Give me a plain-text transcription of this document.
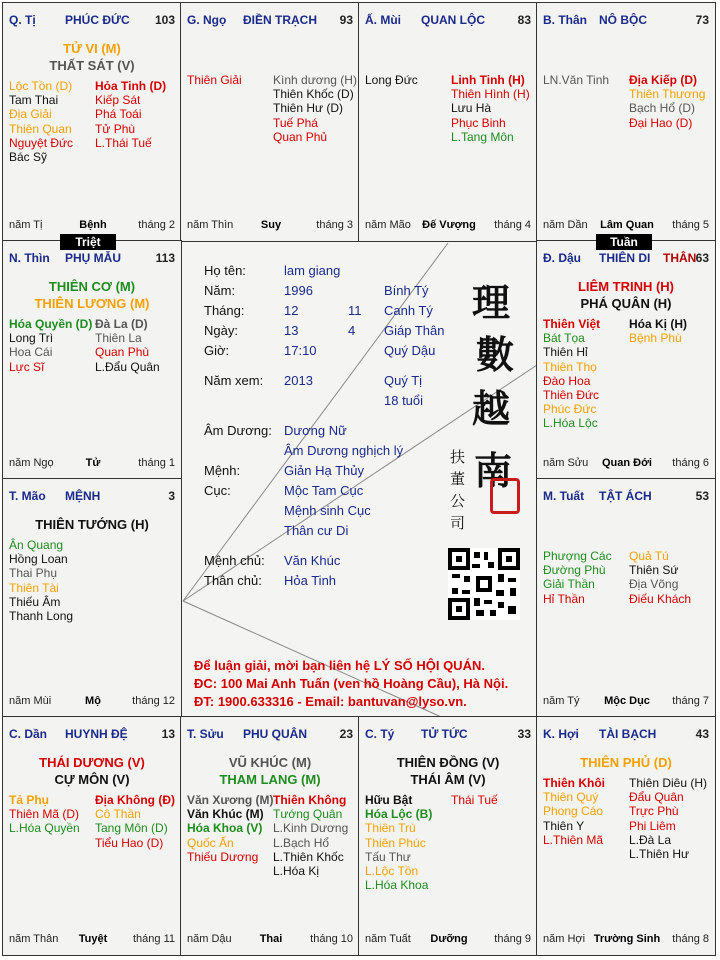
Q. Tị PHÚC ĐỨC 103
TỬ VI (M)
THẤT SÁT (V)
Lộc Tồn (D)
Tam Thai
Địa Giải
Thiên Quan
Nguyệt Đức
Bác Sỹ
Hỏa Tinh (D)
Kiếp Sát
Phá Toái
Tử Phù
L.Thái Tuế
năm Tị	Bệnh	tháng 2
G. Ngọ ĐIỀN TRẠCH 93
Thiên Giải	Kình dương (H)
Thiên Khốc (D)
Thiên Hư (D)
Tuế Phá
Quan Phủ
năm Thìn	Suy	tháng 3
Ấ. Mùi QUAN LỘC	83
Long Đức	Linh Tinh (H)
Thiên Hình (H)
Lưu Hà
Phục Binh
L.Tang Môn
năm Mão	Đế Vượng	tháng 4
B. Thân NÔ BỘC	73
LN.Văn Tinh Địa Kiếp (D)
Thiên Thương
Bạch Hổ (D)
Đại Hao (D)
năm Dần	Lâm Quan	tháng 5
N. Thìn PHỤ MẪU	113
THIÊN CƠ (M)
THIÊN LƯƠNG (M)
Hóa Quyền (D)
Long Trì
Hoa Cái
Lực Sĩ
Đà La (D)
Thiên La
Quan Phù
L.Đẩu Quân
năm Ngọ	Tử	tháng 1
Đ. Dậu THIÊN DI	63
LIÊM TRINH (H)
PHÁ QUÂN (H)
Thiên Việt
Bát Tọa
Thiên Hỉ
Thiên Thọ
Đào Hoa
Thiên Đức
Phúc Đức
L.Hóa Lộc
Hóa Kị (H)
Bệnh Phù
năm Sửu	Quan Đới	tháng 6
THÂN
T. Mão MỆNH	3
THIÊN TƯỚNG (H)
Ân Quang
Hồng Loan
Thai Phụ
Thiên Tài
Thiếu Âm
Thanh Long
năm Mùi	Mộ	tháng 12
M. Tuất TẬT ÁCH	53
Phượng Các
Đường Phù
Giải Thần
Hỉ Thần
Quả Tú
Thiên Sứ
Địa Võng
Điếu Khách
năm Tý	Mộc Dục	tháng 7
C. Dần HUYNH ĐỆ	13
THÁI DƯƠNG (V)
CỰ MÔN (V)
Tả Phụ
Thiên Mã (D)
L.Hóa Quyền
Địa Không (Đ)
Cô Thần
Tang Môn (D)
Tiểu Hao (D)
năm Thân	Tuyệt	tháng 11
T. Sửu PHU QUÂN	23
VŨ KHÚC (M)
THAM LANG (M)
Văn Xương (M)
Văn Khúc (M)
Hóa Khoa (V)
Quốc Ấn
Thiếu Dương
Thiên Không
Tướng Quân
L.Kinh Dương
L.Bạch Hổ
L.Thiên Khốc
L.Hóa Kị
năm Dậu	Thai	tháng 10
C. Tý TỬ TỨC	33
THIÊN ĐỒNG (V)
THÁI ÂM (V)
Hữu Bật
Hóa Lộc (B)
Thiên Trù
Thiên Phúc
Tấu Thư
L.Lộc Tồn
L.Hóa Khoa
Thái Tuế
năm Tuất	Dưỡng	tháng 9
K. Hợi TÀI BẠCH	43
THIÊN PHỦ (D)
Thiên Khôi
Thiên Quý
Phong Cáo
Thiên Y
L.Thiên Mã
Thiên Diêu (H)
Đẩu Quân
Trực Phù
Phi Liêm
L.Đà La
L.Thiên Hư
năm Hợi Trường Sinh	tháng 8
Triệt	Tuần
Họ tên:	lam giang
Năm:	1996	Bính Tý
Tháng:	12	11 Canh Tý
Ngày:	13	4 Giáp Thân
Giờ:	17:10	Quý Dậu
Năm xem: 2013	Quý Tị
18 tuổi
Âm Dương: Dương Nữ
Âm Dương nghịch lý
Mệnh:	Giản Hạ Thủy
Cục:	Mộc Tam Cục
Mệnh sinh Cục
Thân cư Di
Mệnh chủ: Văn Khúc
Thân chủ: Hỏa Tinh
理
數
越
南
扶
董
公
司
Để luận giải, mời bạn liên hệ LÝ SỐ HỘI QUÁN.
ĐC: 100 Mai Anh Tuấn (ven hồ Hoàng Cầu), Hà Nội.
ĐT: 1900.633316 - Email: bantuvan@lyso.vn.
